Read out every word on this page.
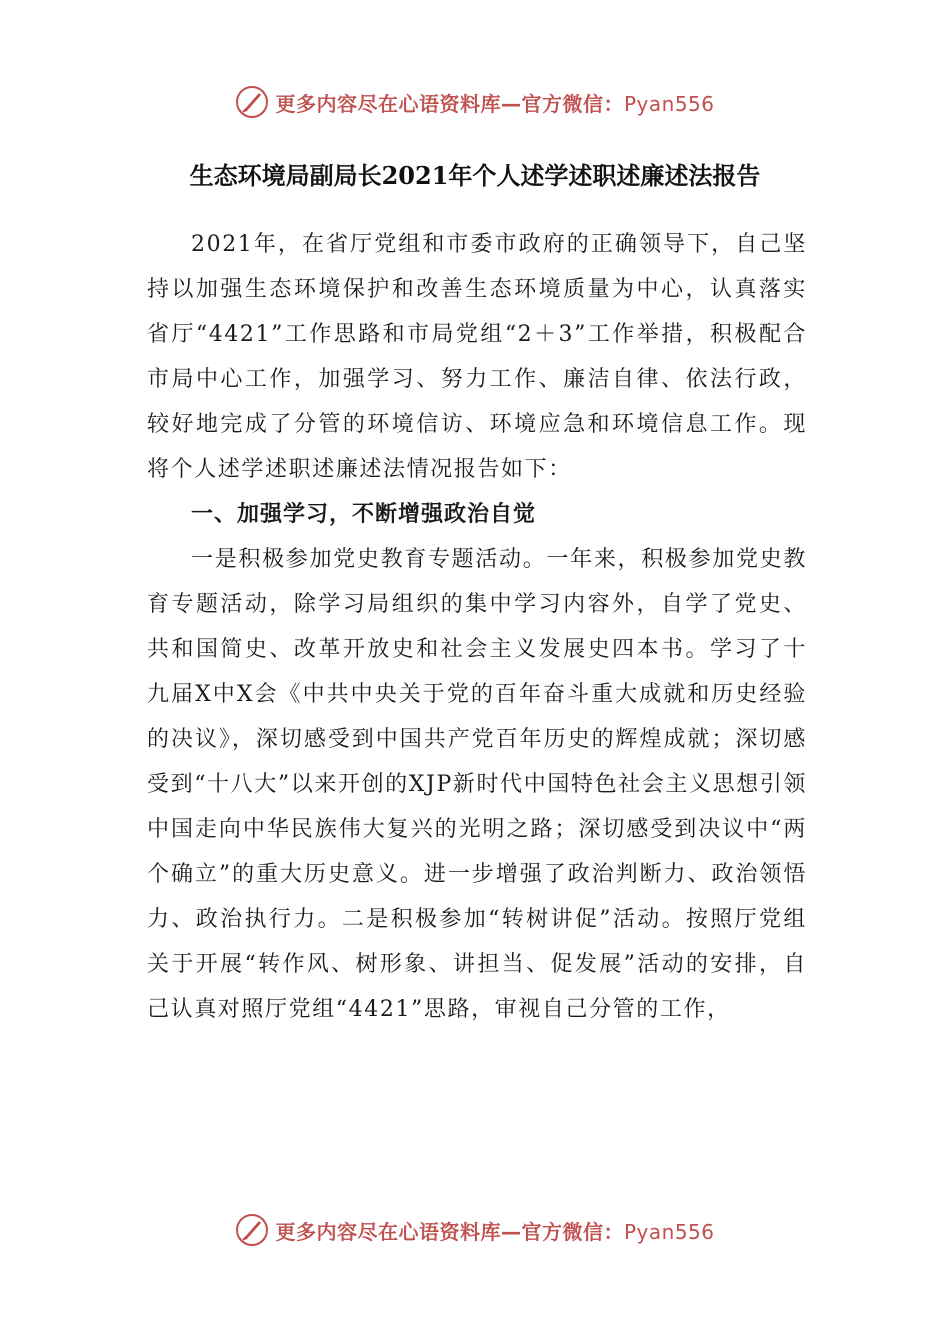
更多内容尽在心语资料库—官方微信：Pyan556
生态环境局副局长2021年个人述学述职述廉述法报告

2021年，在省厅党组和市委市政府的正确领导下，自己坚持以加强生态环境保护和改善生态环境质量为中心，认真落实省厅“4421”工作思路和市局党组“2＋3”工作举措，积极配合市局中心工作，加强学习、努力工作、廉洁自律、依法行政，较好地完成了分管的环境信访、环境应急和环境信息工作。现将个人述学述职述廉述法情况报告如下：

一、加强学习，不断增强政治自觉

一是积极参加党史教育专题活动。一年来，积极参加党史教育专题活动，除学习局组织的集中学习内容外，自学了党史、共和国简史、改革开放史和社会主义发展史四本书。学习了十九届X中X会《中共中央关于党的百年奋斗重大成就和历史经验的决议》，深切感受到中国共产党百年历史的辉煌成就；深切感受到“十八大”以来开创的XJP新时代中国特色社会主义思想引领中国走向中华民族伟大复兴的光明之路；深切感受到决议中“两个确立”的重大历史意义。进一步增强了政治判断力、政治领悟力、政治执行力。二是积极参加“转树讲促”活动。按照厅党组关于开展“转作风、树形象、讲担当、促发展”活动的安排，自己认真对照厅党组“4421”思路，审视自己分管的工作，

更多内容尽在心语资料库—官方微信：Pyan556
